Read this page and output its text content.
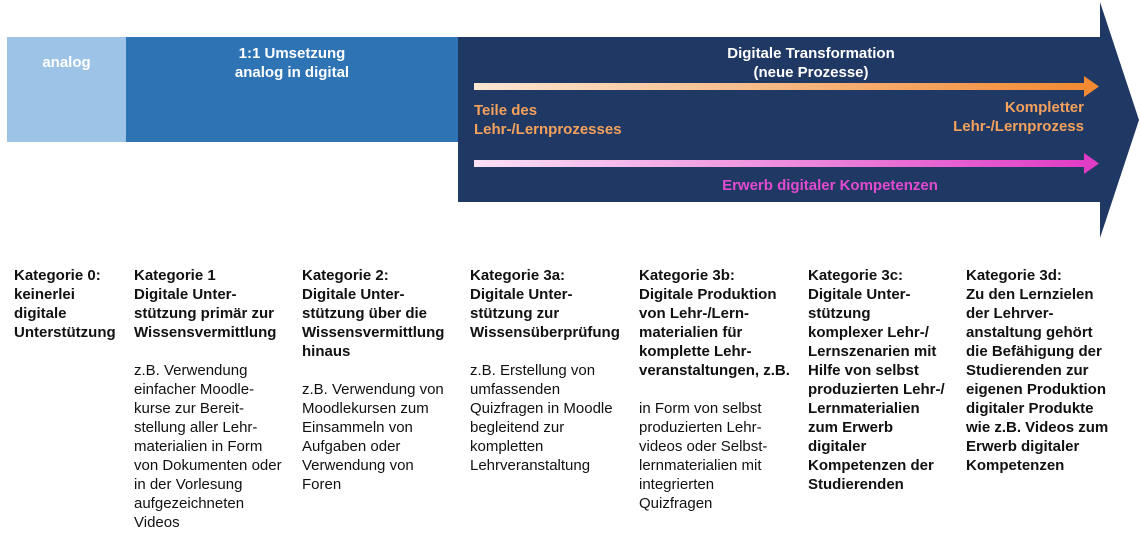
analog
1:1 Umsetzung
analog in digital
Digitale Transformation
(neue Prozesse)
Teile des
Lehr-/Lernprozesses
Kompletter
Lehr-/Lernprozess
Erwerb digitaler Kompetenzen

Kategorie 0:
keinerlei
digitale
Unterstützung

Kategorie 1
Digitale Unter-
stützung primär zur
Wissensvermittlung

z.B. Verwendung
einfacher Moodle-
kurse zur Bereit-
stellung aller Lehr-
materialien in Form
von Dokumenten oder
in der Vorlesung
aufgezeichneten
Videos

Kategorie 2:
Digitale Unter-
stützung über die
Wissensvermittlung
hinaus

z.B. Verwendung von
Moodlekursen zum
Einsammeln von
Aufgaben oder
Verwendung von
Foren

Kategorie 3a:
Digitale Unter-
stützung zur
Wissensüberprüfung

z.B. Erstellung von
umfassenden
Quizfragen in Moodle
begleitend zur
kompletten
Lehrveranstaltung

Kategorie 3b:
Digitale Produktion
von Lehr-/Lern-
materialien für
komplette Lehr-
veranstaltungen, z.B.

in Form von selbst
produzierten Lehr-
videos oder Selbst-
lernmaterialien mit
integrierten
Quizfragen

Kategorie 3c:
Digitale Unter-
stützung
komplexer Lehr-/
Lernszenarien mit
Hilfe von selbst
produzierten Lehr-/
Lernmaterialien
zum Erwerb
digitaler
Kompetenzen der
Studierenden

Kategorie 3d:
Zu den Lernzielen
der Lehrver-
anstaltung gehört
die Befähigung der
Studierenden zur
eigenen Produktion
digitaler Produkte
wie z.B. Videos zum
Erwerb digitaler
Kompetenzen
